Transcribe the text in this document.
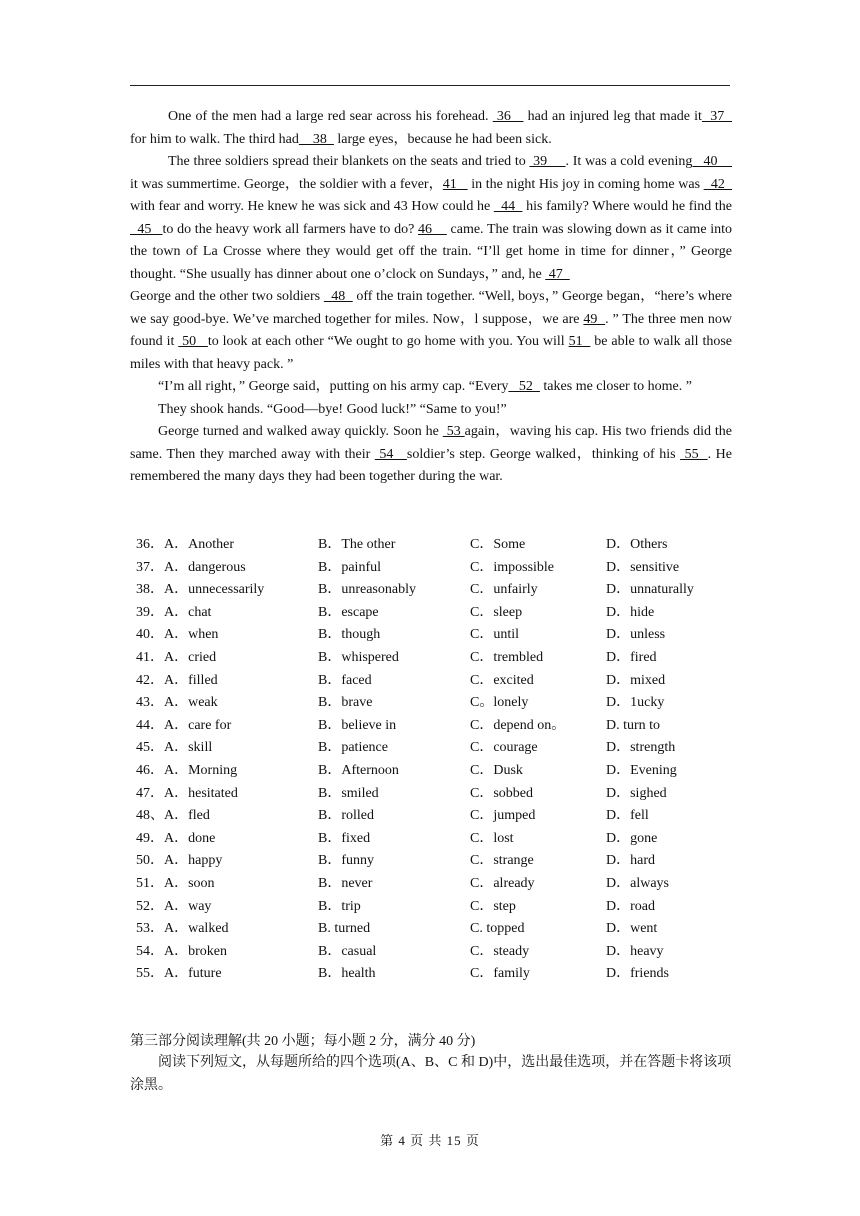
One of the men had a large red sear across his forehead.  36    had an injured leg that made it  37   for him to walk. The third had    38   large eyes，because he had been sick.

The three soldiers spread their blankets on the seats and tried to  39     . It was a cold evening   40     it was summertime. George，the soldier with a fever，41    in the night His joy in coming home was   42   with fear and worry. He knew he was sick and 43 How could he   44   his family? Where would he find the   45   to do the heavy work all farmers have to do? 46     came. The train was slowing down as it came into the town of La Crosse where they would get off the train. “I’ll get home in time for dinner，” George thought. “She usually has dinner about one o’clock on Sundays，” and, he  47

George and the other two soldiers   48   off the train together. “Well, boys，” George began，“here’s where we say good-bye. We’ve marched together for miles. Now，l suppose，we are 49  . ” The three men now found it  50   to look at each other “We ought to go home with you. You will 51   be able to walk all those miles with that heavy pack. ”

“I’m all right，” George said，putting on his army cap. “Every   52   takes me closer to home. ”

They shook hands. “Good—bye! Good luck!” “Same to you!”

George turned and walked away quickly. Soon he  53 again，waving his cap. His two friends did the same. Then they marched away with their  54   soldier’s step. George walked，thinking of his  55  . He remembered the many days they had been together during the war.

36．A．Another	B．The other	C．Some	D．Others
37．A．dangerous	B．painful	C．impossible	D．sensitive
38．A．unnecessarily	B．unreasonably	C．unfairly	D．unnaturally
39．A．chat	B．escape	C．sleep	D．hide
40．A．when	B．though	C．until	D．unless
41．A．cried	B．whispered	C．trembled	D．fired
42．A．filled	B．faced	C．excited	D．mixed
43．A．weak	B．brave	C。lonely	D．1ucky
44．A．care for	B．believe in	C．depend on。	D. turn to
45．A．skill	B．patience	C．courage	D．strength
46．A．Morning	B．Afternoon	C．Dusk	D．Evening
47．A．hesitated	B．smiled	C．sobbed	D．sighed
48、A．fled	B．rolled	C．jumped	D．fell
49．A．done	B．fixed	C．lost	D．gone
50．A．happy	B．funny	C．strange	D．hard
51．A．soon	B．never	C．already	D．always
52．A．way	B．trip	C．step	D．road
53．A．walked	B. turned	C. topped	D．went
54．A．broken	B．casual	C．steady	D．heavy
55．A．future	B．health	C．family	D．friends
第三部分阅读理解(共 20 小题；每小题 2 分，满分 40 分)
阅读下列短文，从每题所给的四个选项(A、B、C 和 D)中，选出最佳选项，并在答题卡将该项涂黑。
第 4 页 共 15 页
